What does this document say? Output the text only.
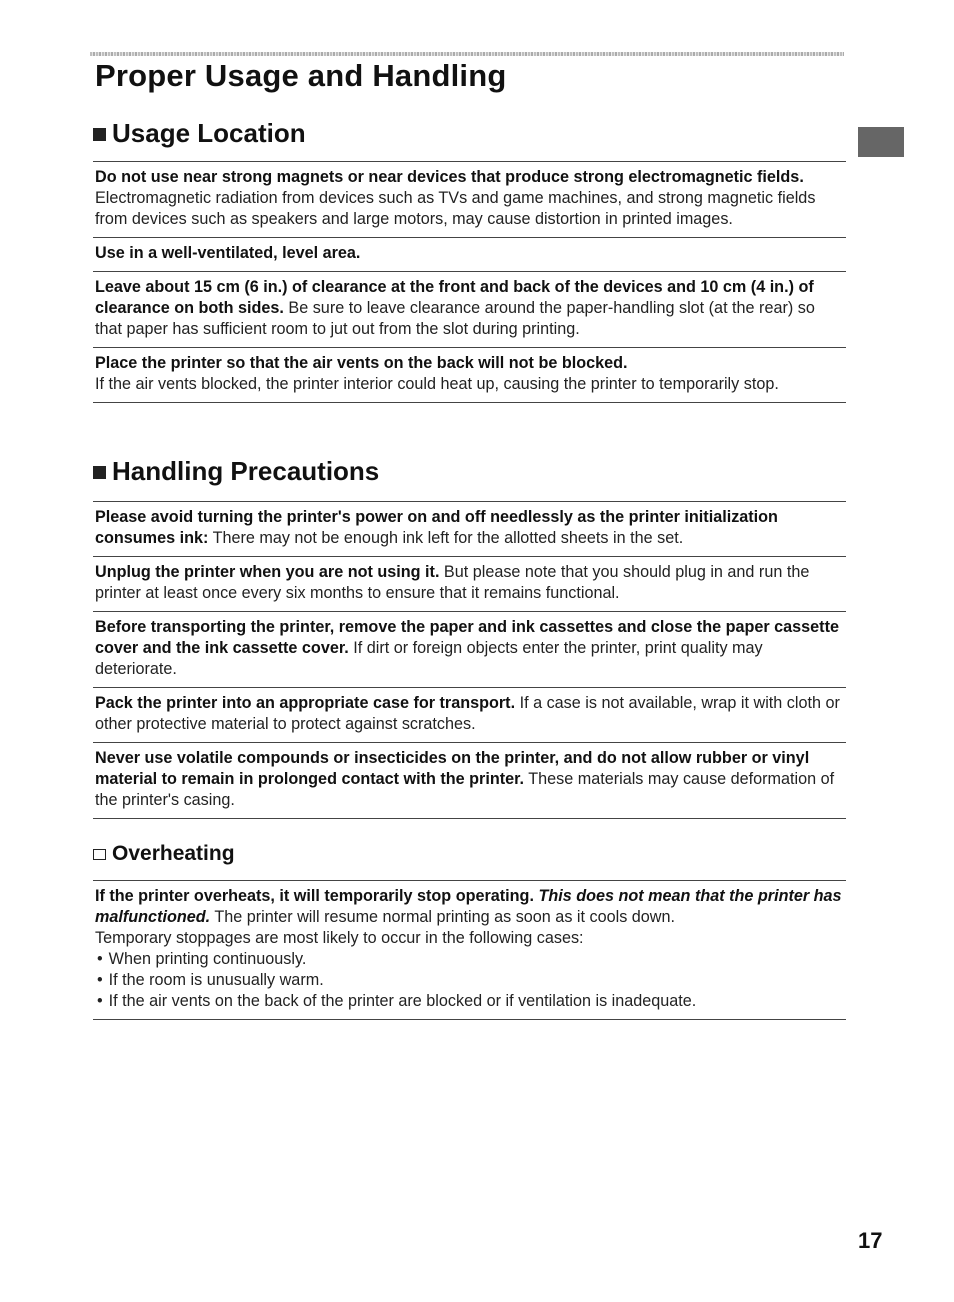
Proper Usage and Handling
Usage Location
Do not use near strong magnets or near devices that produce strong electromagnetic fields. Electromagnetic radiation from devices such as TVs and game machines, and strong magnetic fields from devices such as speakers and large motors, may cause distortion in printed images.
Use in a well-ventilated, level area.
Leave about 15 cm (6 in.) of clearance at the front and back of the devices and 10 cm (4 in.) of clearance on both sides. Be sure to leave clearance around the paper-handling slot (at the rear) so that paper has sufficient room to jut out from the slot during printing.
Place the printer so that the air vents on the back will not be blocked.
If the air vents blocked, the printer interior could heat up, causing the printer to temporarily stop.
Handling Precautions
Please avoid turning the printer's power on and off needlessly as the printer initialization consumes ink: There may not be enough ink left for the allotted sheets in the set.
Unplug the printer when you are not using it. But please note that you should plug in and run the printer at least once every six months to ensure that it remains functional.
Before transporting the printer, remove the paper and ink cassettes and close the paper cassette cover and the ink cassette cover. If dirt or foreign objects enter the printer, print quality may deteriorate.
Pack the printer into an appropriate case for transport. If a case is not available, wrap it with cloth or other protective material to protect against scratches.
Never use volatile compounds or insecticides on the printer, and do not allow rubber or vinyl material to remain in prolonged contact with the printer. These materials may cause deformation of the printer's casing.
Overheating
If the printer overheats, it will temporarily stop operating. This does not mean that the printer has malfunctioned. The printer will resume normal printing as soon as it cools down.
Temporary stoppages are most likely to occur in the following cases:
• When printing continuously.
• If the room is unusually warm.
• If the air vents on the back of the printer are blocked or if ventilation is inadequate.
17
